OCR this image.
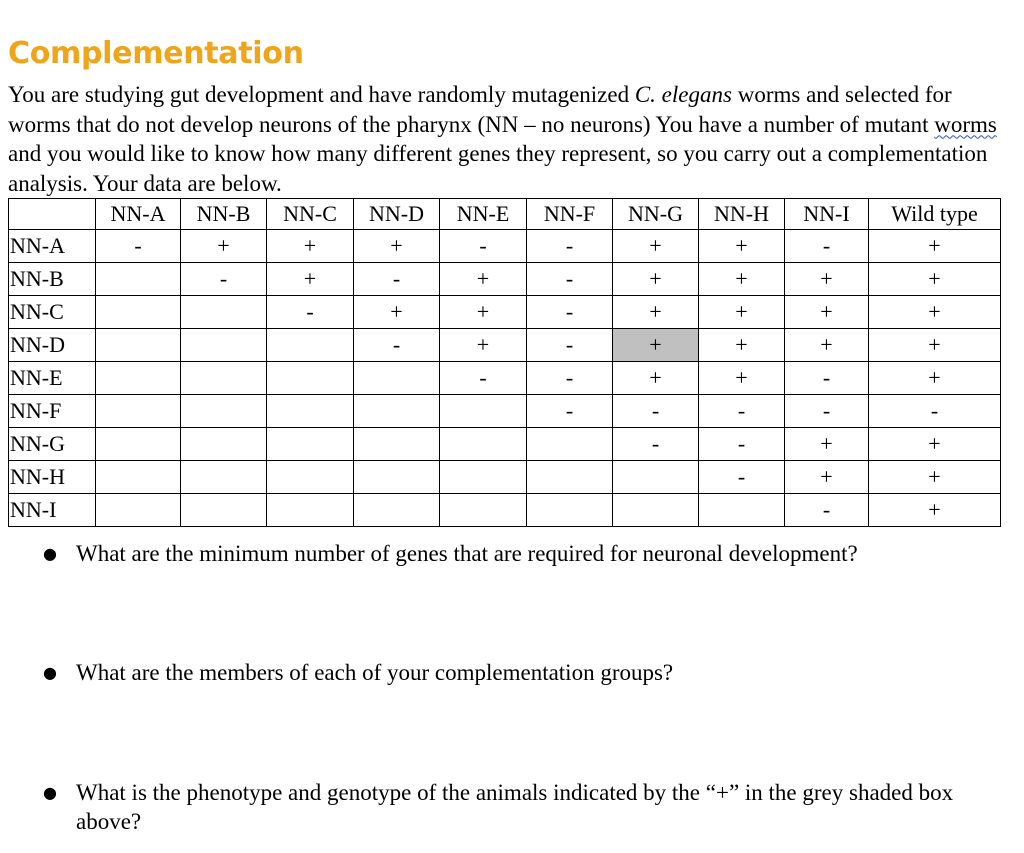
Complementation

You are studying gut development and have randomly mutagenized C. elegans worms and selected for worms that do not develop neurons of the pharynx (NN – no neurons) You have a number of mutant worms and you would like to know how many different genes they represent, so you carry out a complementation analysis. Your data are below.

	NN-A	NN-B	NN-C	NN-D	NN-E	NN-F	NN-G	NN-H	NN-I	Wild type
NN-A	-	+	+	+	-	-	+	+	-	+
NN-B		-	+	-	+	-	+	+	+	+
NN-C			-	+	+	-	+	+	+	+
NN-D				-	+	-	+	+	+	+
NN-E					-	-	+	+	-	+
NN-F						-	-	-	-	-
NN-G							-	-	+	+
NN-H								-	+	+
NN-I									-	+
● What are the minimum number of genes that are required for neuronal development?
● What are the members of each of your complementation groups?
● What is the phenotype and genotype of the animals indicated by the “+” in the grey shaded box above?
